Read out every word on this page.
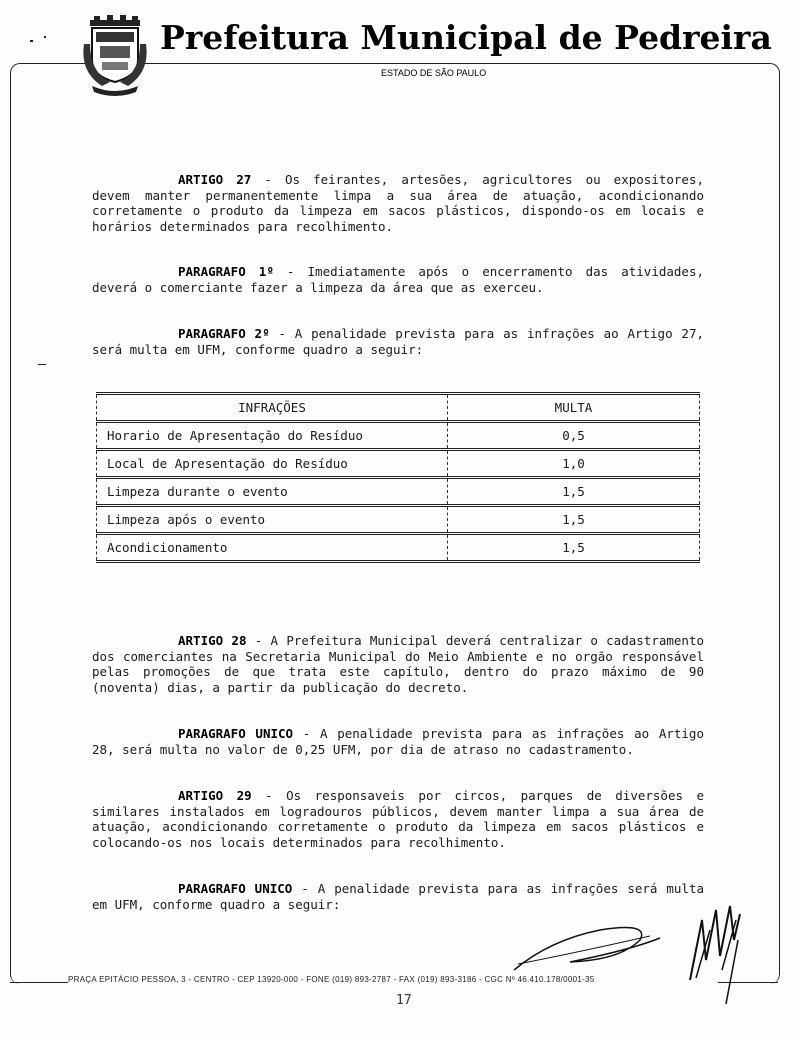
Prefeitura Municipal de Pedreira
ESTADO DE SÃO PAULO

ARTIGO 27 - Os feirantes, artesões, agricultores ou expositores, devem manter permanentemente limpa a sua área de atuação, acondicionando corretamente o produto da limpeza em sacos plásticos, dispondo-os em locais e horários determinados para recolhimento.

PARAGRAFO 1º - Imediatamente após o encerramento das atividades, deverá o comerciante fazer a limpeza da área que as exerceu.

PARAGRAFO 2º - A penalidade prevista para as infrações ao Artigo 27, será multa em UFM, conforme quadro a seguir:

INFRAÇÕES	MULTA
Horario de Apresentação do Resíduo	0,5
Local de Apresentação do Resíduo	1,0
Limpeza durante o evento	1,5
Limpeza após o evento	1,5
Acondicionamento	1,5

ARTIGO 28 - A Prefeitura Municipal deverá centralizar o cadastramento dos comerciantes na Secretaria Municipal do Meio Ambiente e no orgão responsável pelas promoções de que trata este capítulo, dentro do prazo máximo de 90 (noventa) dias, a partir da publicação do decreto.

PARAGRAFO UNICO - A penalidade prevista para as infrações ao Artigo 28, será multa no valor de 0,25 UFM, por dia de atraso no cadastramento.

ARTIGO 29 - Os responsaveis por circos, parques de diversões e similares instalados em logradouros públicos, devem manter limpa a sua área de atuação, acondicionando corretamente o produto da limpeza em sacos plásticos e colocando-os nos locais determinados para recolhimento.

PARAGRAFO UNICO - A penalidade prevista para as infrações será multa em UFM, conforme quadro a seguir:

PRAÇA EPITÁCIO PESSOA, 3 - CENTRO - CEP 13920-000 - FONE (019) 893-2787 - FAX (019) 893-3186 - CGC Nº 46.410.178/0001-35
17
